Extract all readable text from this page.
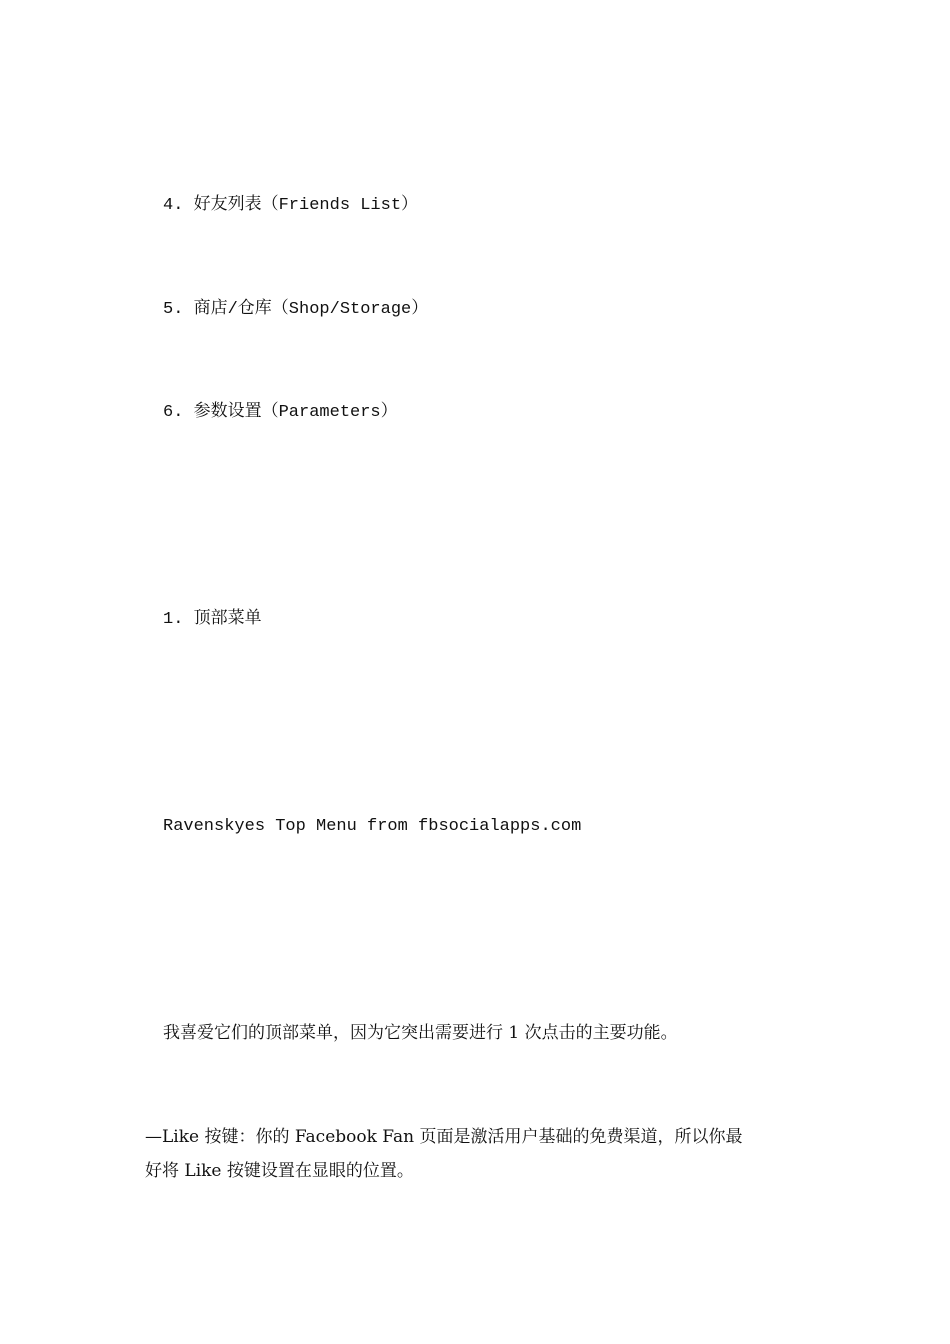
4. 好友列表（Friends List）

5. 商店/仓库（Shop/Storage）

6. 参数设置（Parameters）

1. 顶部菜单

Ravenskyes Top Menu from fbsocialapps.com

我喜爱它们的顶部菜单，因为它突出需要进行 1 次点击的主要功能。

—Like 按键：你的 Facebook Fan 页面是激活用户基础的免费渠道，所以你最

好将 Like 按键设置在显眼的位置。
